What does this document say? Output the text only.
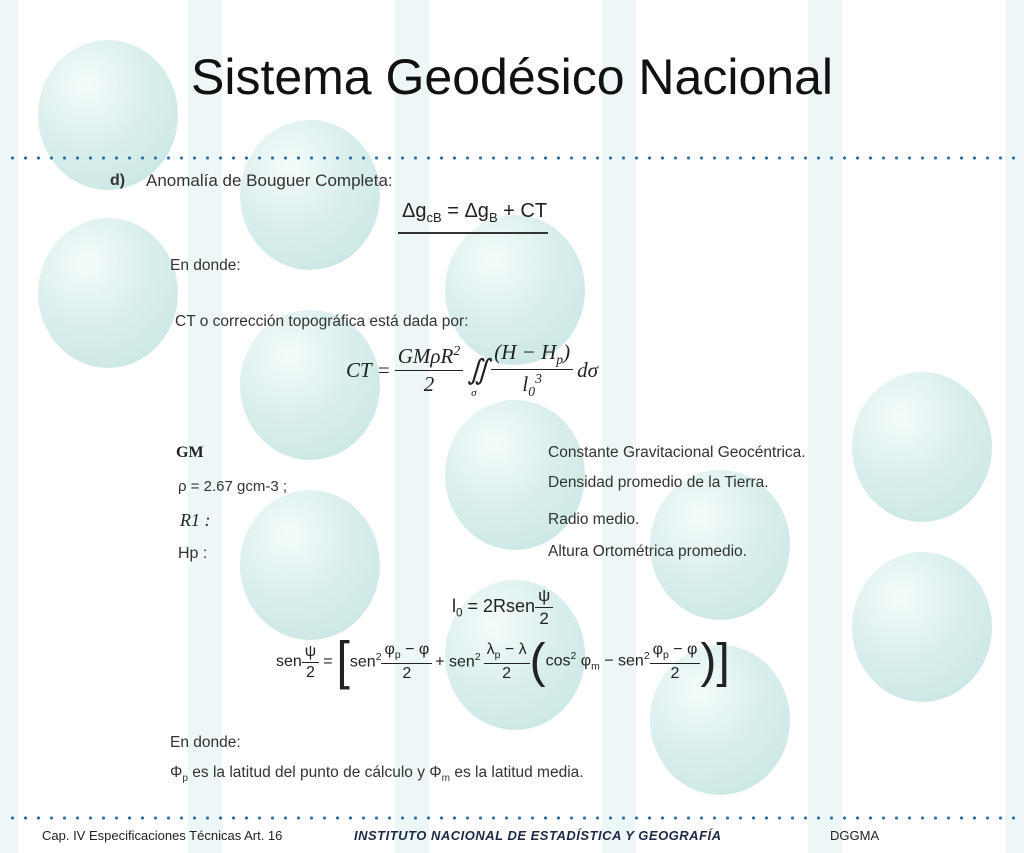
Sistema Geodésico Nacional
d) Anomalía de Bouguer Completa:
$\Delta g_{cB} = \Delta g_B$ + CT
En donde:
CT o corrección topográfica está dada por:
CT = $\frac{GM\rho R^2}{2}$ ∬
σ $\frac{(H - H_p)}{l_0^3}$ dσ
GM	Constante Gravitacional Geocéntrica.
ρ = 2.67 gcm-3 ;	Densidad promedio de la Tierra.
R1 :	Radio medio.
Hp :	Altura Ortométrica promedio.
$l_0$ = 2Rsen $\frac{\psi}{2}$
sen $\frac{\psi}{2}$ = [ $sen^2 \frac{\varphi_p - \varphi}{2} + sen^2 \frac{\lambda_p - \lambda}{2}$ ( $\cos^2 \varphi_m - sen^2 \frac{\varphi_p - \varphi}{2}$ )]
En donde:
$\Phi_p$ es la latitud del punto de cálculo y $\Phi_m$ es la latitud media.
Cap. IV Especificaciones Técnicas Art. 16	INSTITUTO NACIONAL DE ESTADÍSTICA Y GEOGRAFÍA	DGGMA
